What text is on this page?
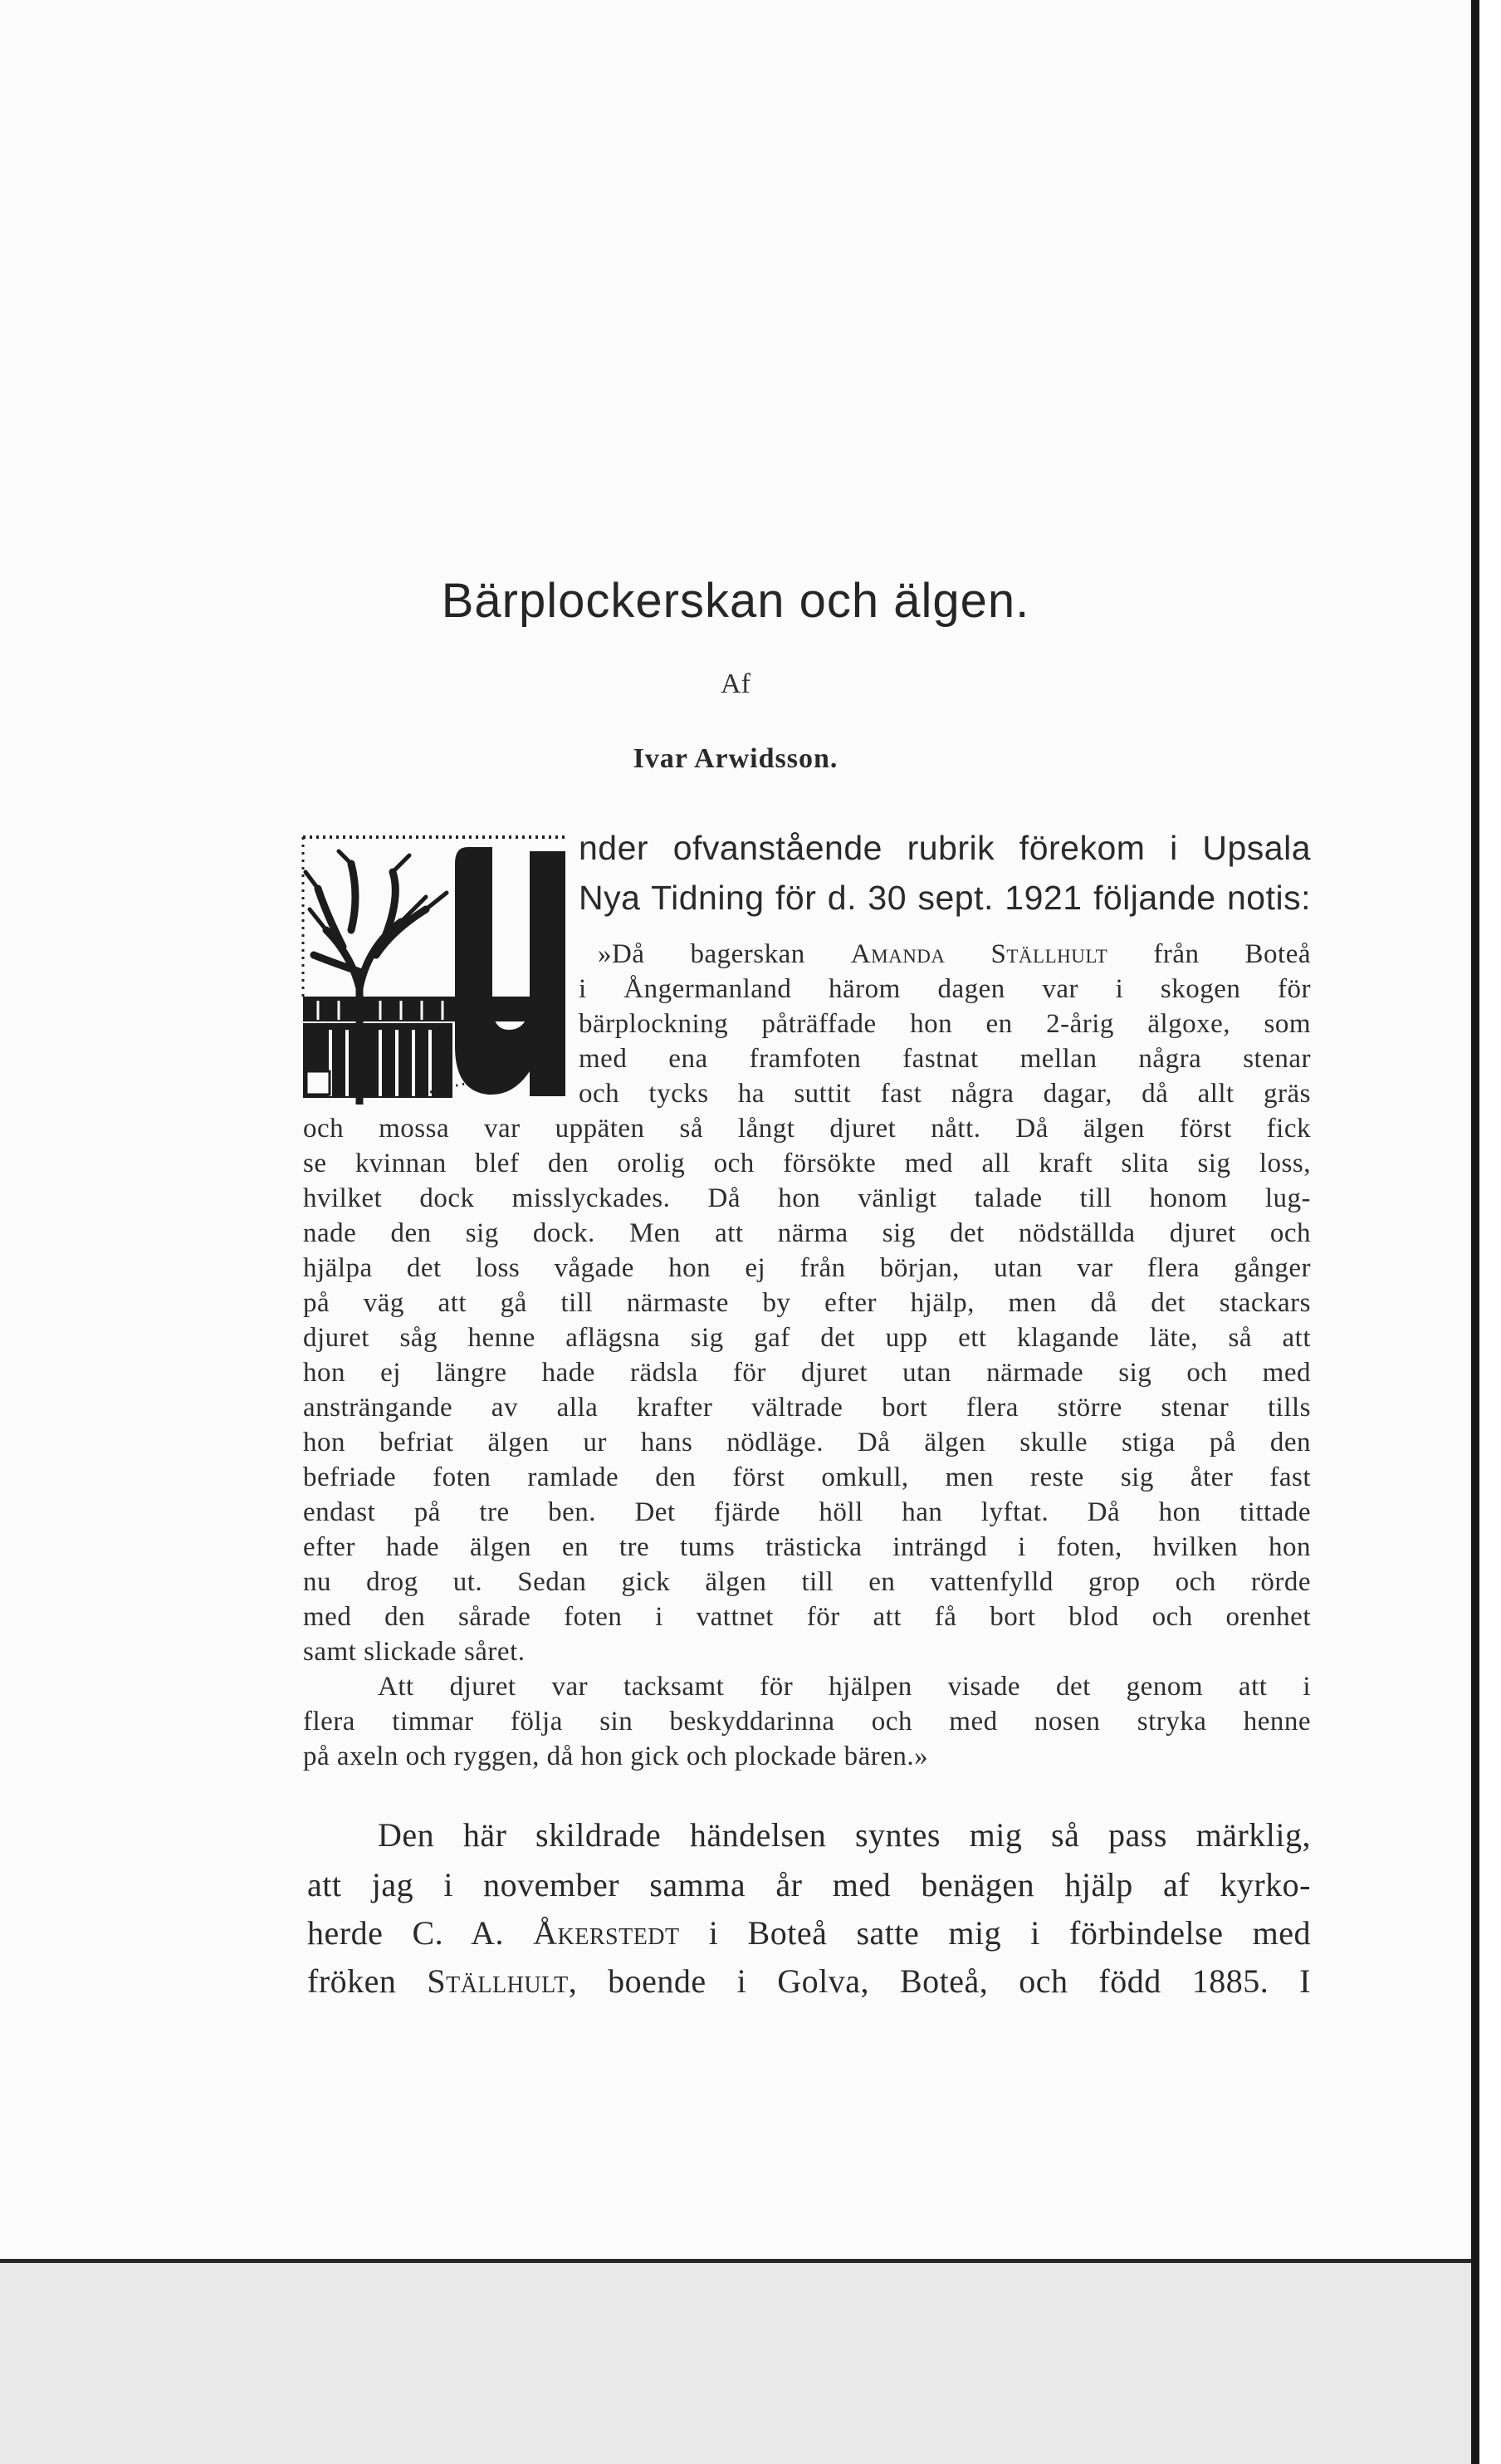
Bärplockerskan och älgen.
Af
Ivar Arwidsson.
nder ofvanstående rubrik förekom i Upsala
Nya Tidning för d. 30 sept. 1921 följande notis:
»Då bagerskan Amanda Ställhult från Boteå
i Ångermanland härom dagen var i skogen för
bärplockning påträffade hon en 2-årig älgoxe, som
med ena framfoten fastnat mellan några stenar
och tycks ha suttit fast några dagar, då allt gräs
och mossa var uppäten så långt djuret nått. Då älgen först fick
se kvinnan blef den orolig och försökte med all kraft slita sig loss,
hvilket dock misslyckades. Då hon vänligt talade till honom lug-
nade den sig dock. Men att närma sig det nödställda djuret och
hjälpa det loss vågade hon ej från början, utan var flera gånger
på väg att gå till närmaste by efter hjälp, men då det stackars
djuret såg henne aflägsna sig gaf det upp ett klagande läte, så att
hon ej längre hade rädsla för djuret utan närmade sig och med
ansträngande av alla krafter vältrade bort flera större stenar tills
hon befriat älgen ur hans nödläge. Då älgen skulle stiga på den
befriade foten ramlade den först omkull, men reste sig åter fast
endast på tre ben. Det fjärde höll han lyftat. Då hon tittade
efter hade älgen en tre tums trästicka inträngd i foten, hvilken hon
nu drog ut. Sedan gick älgen till en vattenfylld grop och rörde
med den sårade foten i vattnet för att få bort blod och orenhet
samt slickade såret.
Att djuret var tacksamt för hjälpen visade det genom att i
flera timmar följa sin beskyddarinna och med nosen stryka henne
på axeln och ryggen, då hon gick och plockade bären.»
Den här skildrade händelsen syntes mig så pass märklig,
att jag i november samma år med benägen hjälp af kyrko-
herde C. A. Åkerstedt i Boteå satte mig i förbindelse med
fröken Ställhult, boende i Golva, Boteå, och född 1885. I
